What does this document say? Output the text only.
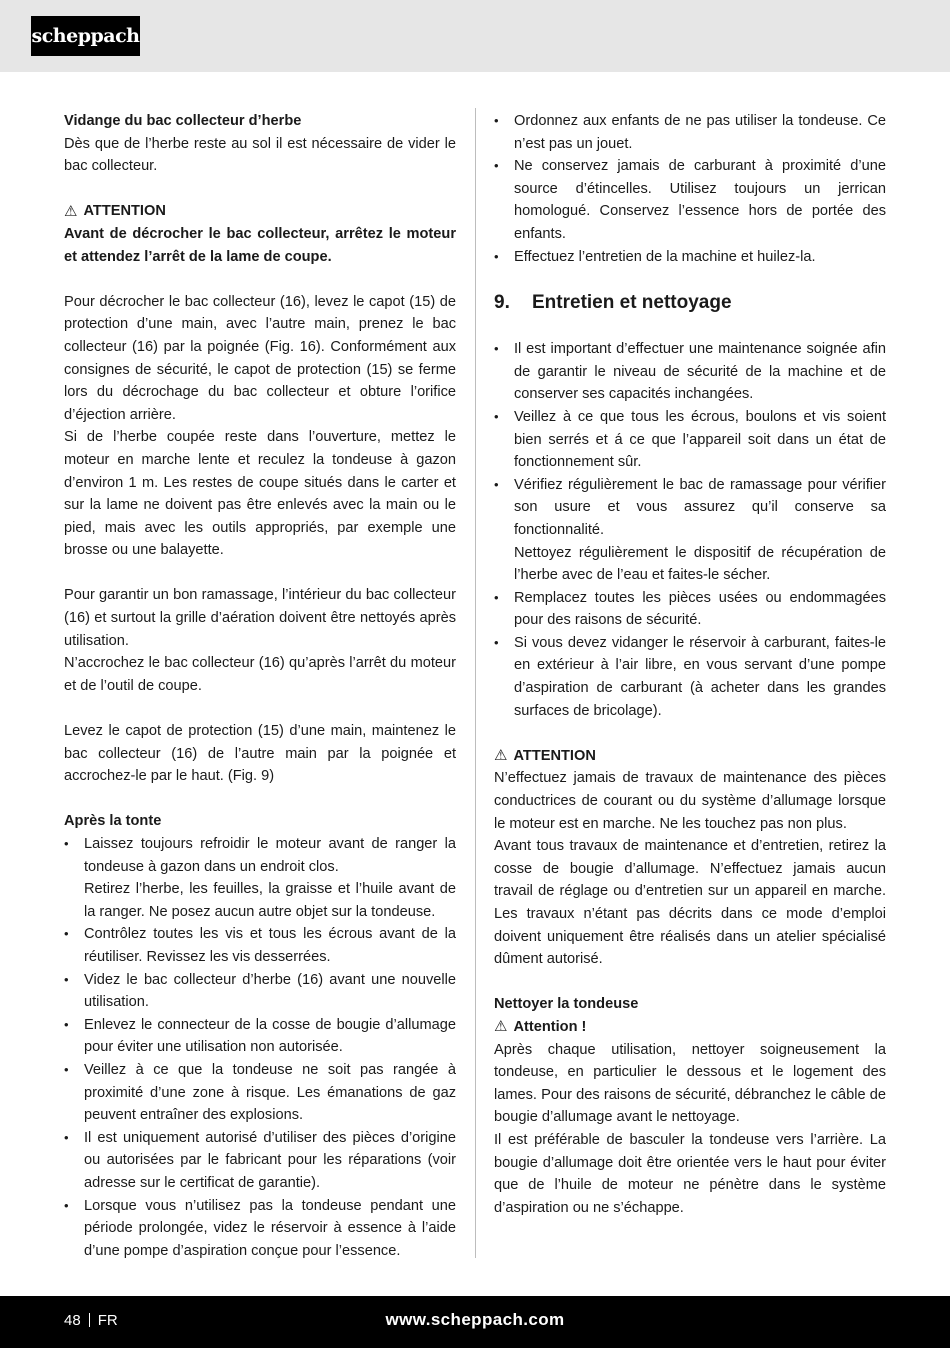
scheppach

Vidange du bac collecteur d’herbe

Dès que de l’herbe reste au sol il est nécessaire de vider le bac collecteur.

⚠ ATTENTION

Avant de décrocher le bac collecteur, arrêtez le moteur et attendez l’arrêt de la lame de coupe.

Pour décrocher le bac collecteur (16), levez le capot (15) de protection d’une main, avec l’autre main, prenez le bac collecteur (16) par la poignée (Fig. 16). Conformément aux consignes de sécurité, le capot de protection (15) se ferme lors du décrochage du bac collecteur et obture l’orifice d’éjection arrière.

Si de l’herbe coupée reste dans l’ouverture, mettez le moteur en marche lente et reculez la tondeuse à gazon d’environ 1 m. Les restes de coupe situés dans le carter et sur la lame ne doivent pas être enlevés avec la main ou le pied, mais avec les outils appropriés, par exemple une brosse ou une balayette.

Pour garantir un bon ramassage, l’intérieur du bac collecteur (16) et surtout la grille d’aération doivent être nettoyés après utilisation.

N’accrochez le bac collecteur (16) qu’après l’arrêt du moteur et de l’outil de coupe.

Levez le capot de protection (15) d’une main, maintenez le bac collecteur (16) de l’autre main par la poignée et accrochez-le par le haut. (Fig. 9)

Après la tonte

• Laissez toujours refroidir le moteur avant de ranger la tondeuse à gazon dans un endroit clos.
Retirez l’herbe, les feuilles, la graisse et l’huile avant de la ranger. Ne posez aucun autre objet sur la tondeuse.
• Contrôlez toutes les vis et tous les écrous avant de la réutiliser. Revissez les vis desserrées.
• Videz le bac collecteur d’herbe (16) avant une nouvelle utilisation.
• Enlevez le connecteur de la cosse de bougie d’allumage pour éviter une utilisation non autorisée.
• Veillez à ce que la tondeuse ne soit pas rangée à proximité d’une zone à risque. Les émanations de gaz peuvent entraîner des explosions.
• Il est uniquement autorisé d’utiliser des pièces d’origine ou autorisées par le fabricant pour les réparations (voir adresse sur le certificat de garantie).
• Lorsque vous n’utilisez pas la tondeuse pendant une période prolongée, videz le réservoir à essence à l’aide d’une pompe d’aspiration conçue pour l’essence.
• Ordonnez aux enfants de ne pas utiliser la tondeuse. Ce n’est pas un jouet.
• Ne conservez jamais de carburant à proximité d’une source d’étincelles. Utilisez toujours un jerrican homologué. Conservez l’essence hors de portée des enfants.
• Effectuez l’entretien de la machine et huilez-la.
9.	Entretien et nettoyage
• Il est important d’effectuer une maintenance soignée afin de garantir le niveau de sécurité de la machine et de conserver ses capacités inchangées.
• Veillez à ce que tous les écrous, boulons et vis soient bien serrés et á ce que l’appareil soit dans un état de fonctionnement sûr.
• Vérifiez régulièrement le bac de ramassage pour vérifier son usure et vous assurez qu’il conserve sa fonctionnalité.
Nettoyez régulièrement le dispositif de récupération de l’herbe avec de l’eau et faites-le sécher.
• Remplacez toutes les pièces usées ou endommagées pour des raisons de sécurité.
• Si vous devez vidanger le réservoir à carburant, faites-le en extérieur à l’air libre, en vous servant d’une pompe d’aspiration de carburant (à acheter dans les grandes surfaces de bricolage).
⚠ ATTENTION

N’effectuez jamais de travaux de maintenance des pièces conductrices de courant ou du système d’allumage lorsque le moteur est en marche. Ne les touchez pas non plus.

Avant tous travaux de maintenance et d’entretien, retirez la cosse de bougie d’allumage. N’effectuez jamais aucun travail de réglage ou d’entretien sur un appareil en marche. Les travaux n’étant pas décrits dans ce mode d’emploi doivent uniquement être réalisés dans un atelier spécialisé dûment autorisé.

Nettoyer la tondeuse

⚠ Attention !

Après chaque utilisation, nettoyer soigneusement la tondeuse, en particulier le dessous et le logement des lames. Pour des raisons de sécurité, débranchez le câble de bougie d’allumage avant le nettoyage.

Il est préférable de basculer la tondeuse vers l’arrière. La bougie d’allumage doit être orientée vers le haut pour éviter que de l’huile de moteur ne pénètre dans le système d’aspiration ou ne s’échappe.

48 FR	www.scheppach.com
